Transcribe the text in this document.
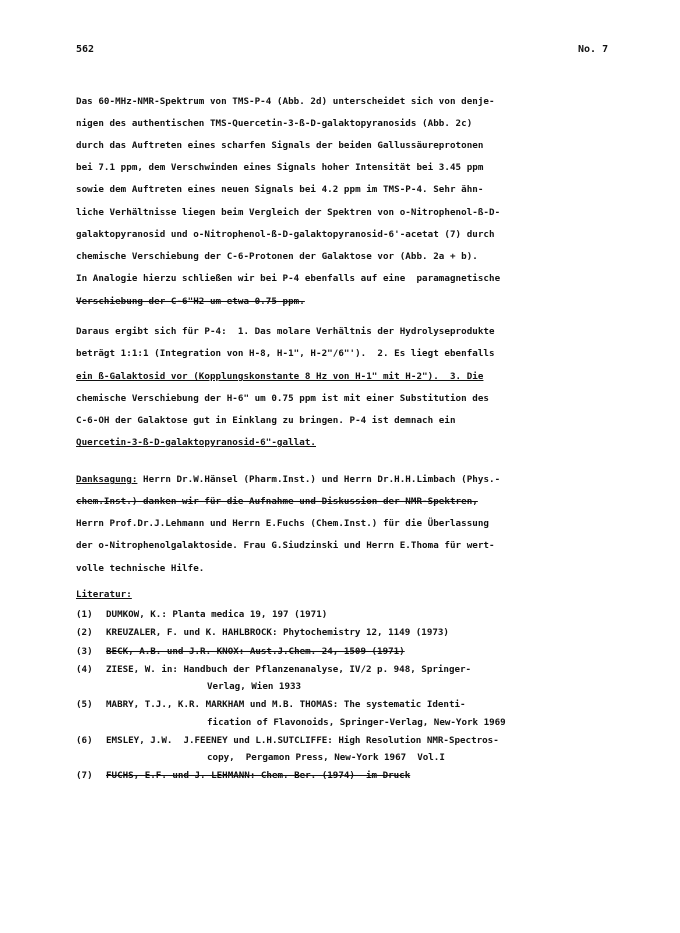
562	No. 7
Das 60-MHz-NMR-Spektrum von TMS-P-4 (Abb. 2d) unterscheidet sich von denje-
nigen des authentischen TMS-Quercetin-3-ß-D-galaktopyranosids (Abb. 2c)
durch das Auftreten eines scharfen Signals der beiden Gallussäureprotonen
bei 7.1 ppm, dem Verschwinden eines Signals hoher Intensität bei 3.45 ppm
sowie dem Auftreten eines neuen Signals bei 4.2 ppm im TMS-P-4. Sehr ähn-
liche Verhältnisse liegen beim Vergleich der Spektren von o-Nitrophenol-ß-D-
galaktopyranosid und o-Nitrophenol-ß-D-galaktopyranosid-6'-acetat (7) durch
chemische Verschiebung der C-6-Protonen der Galaktose vor (Abb. 2a + b).
In Analogie hierzu schließen wir bei P-4 ebenfalls auf eine  paramagnetische
Verschiebung der C-6"H2 um etwa 0.75 ppm.
Daraus ergibt sich für P-4:  1. Das molare Verhältnis der Hydrolyseprodukte
beträgt 1:1:1 (Integration von H-8, H-1", H-2"/6"').  2. Es liegt ebenfalls
ein ß-Galaktosid vor (Kopplungskonstante 8 Hz von H-1" mit H-2").  3. Die
chemische Verschiebung der H-6" um 0.75 ppm ist mit einer Substitution des
C-6-OH der Galaktose gut in Einklang zu bringen. P-4 ist demnach ein
Quercetin-3-ß-D-galaktopyranosid-6"-gallat.
Danksagung: Herrn Dr.W.Hänsel (Pharm.Inst.) und Herrn Dr.H.H.Limbach (Phys.-
chem.Inst.) danken wir für die Aufnahme und Diskussion der NMR-Spektren,
Herrn Prof.Dr.J.Lehmann und Herrn E.Fuchs (Chem.Inst.) für die Überlassung
der o-Nitrophenolgalaktoside. Frau G.Siudzinski und Herrn E.Thoma für wert-
volle technische Hilfe.
Literatur:
(1) DUMKOW, K.: Planta medica 19, 197 (1971)
(2) KREUZALER, F. und K. HAHLBROCK: Phytochemistry 12, 1149 (1973)
(3) BECK, A.B. und J.R. KNOX: Aust.J.Chem. 24, 1509 (1971)
(4) ZIESE, W. in: Handbuch der Pflanzenanalyse, IV/2 p. 948, Springer-
Verlag, Wien 1933
(5) MABRY, T.J., K.R. MARKHAM und M.B. THOMAS: The systematic Identi-
fication of Flavonoids, Springer-Verlag, New-York 1969
(6) EMSLEY, J.W.  J.FEENEY und L.H.SUTCLIFFE: High Resolution NMR-Spectros-
copy,  Pergamon Press, New-York 1967  Vol.I
(7) FUCHS, E.F. und J. LEHMANN: Chem. Ber. (1974)  im Druck
